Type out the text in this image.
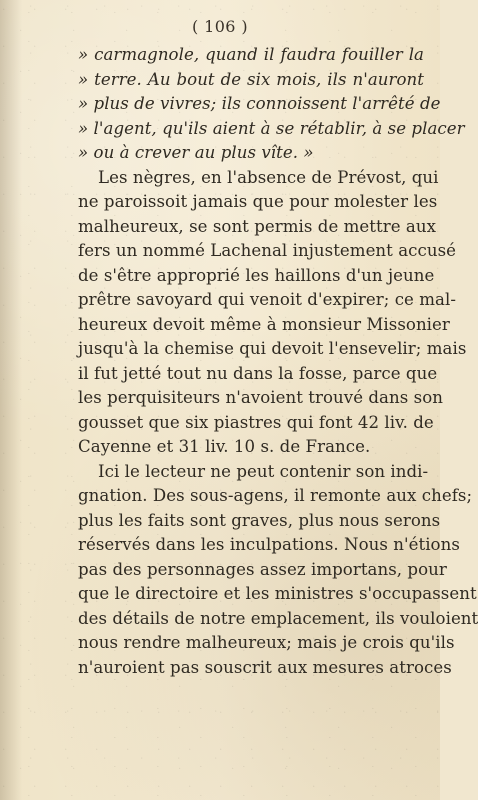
( 106 )
» carmagnole, quand il faudra fouiller la
» terre. Au bout de six mois, ils n'auront
» plus de vivres; ils connoissent l'arrêté de
» l'agent, qu'ils aient à se rétablir, à se placer
» ou à crever au plus vîte. »
Les nègres, en l'absence de Prévost, qui
ne paroissoit jamais que pour molester les
malheureux, se sont permis de mettre aux
fers un nommé Lachenal injustement accusé
de s'être approprié les haillons d'un jeune
prêtre savoyard qui venoit d'expirer; ce mal-
heureux devoit même à monsieur Missonier
jusqu'à la chemise qui devoit l'ensevelir; mais
il fut jetté tout nu dans la fosse, parce que
les perquisiteurs n'avoient trouvé dans son
gousset que six piastres qui font 42 liv. de
Cayenne et 31 liv. 10 s. de France.
Ici le lecteur ne peut contenir son indi-
gnation. Des sous-agens, il remonte aux chefs;
plus les faits sont graves, plus nous serons
réservés dans les inculpations. Nous n'étions
pas des personnages assez importans, pour
que le directoire et les ministres s'occupassent
des détails de notre emplacement, ils vouloient
nous rendre malheureux; mais je crois qu'ils
n'auroient pas souscrit aux mesures atroces
